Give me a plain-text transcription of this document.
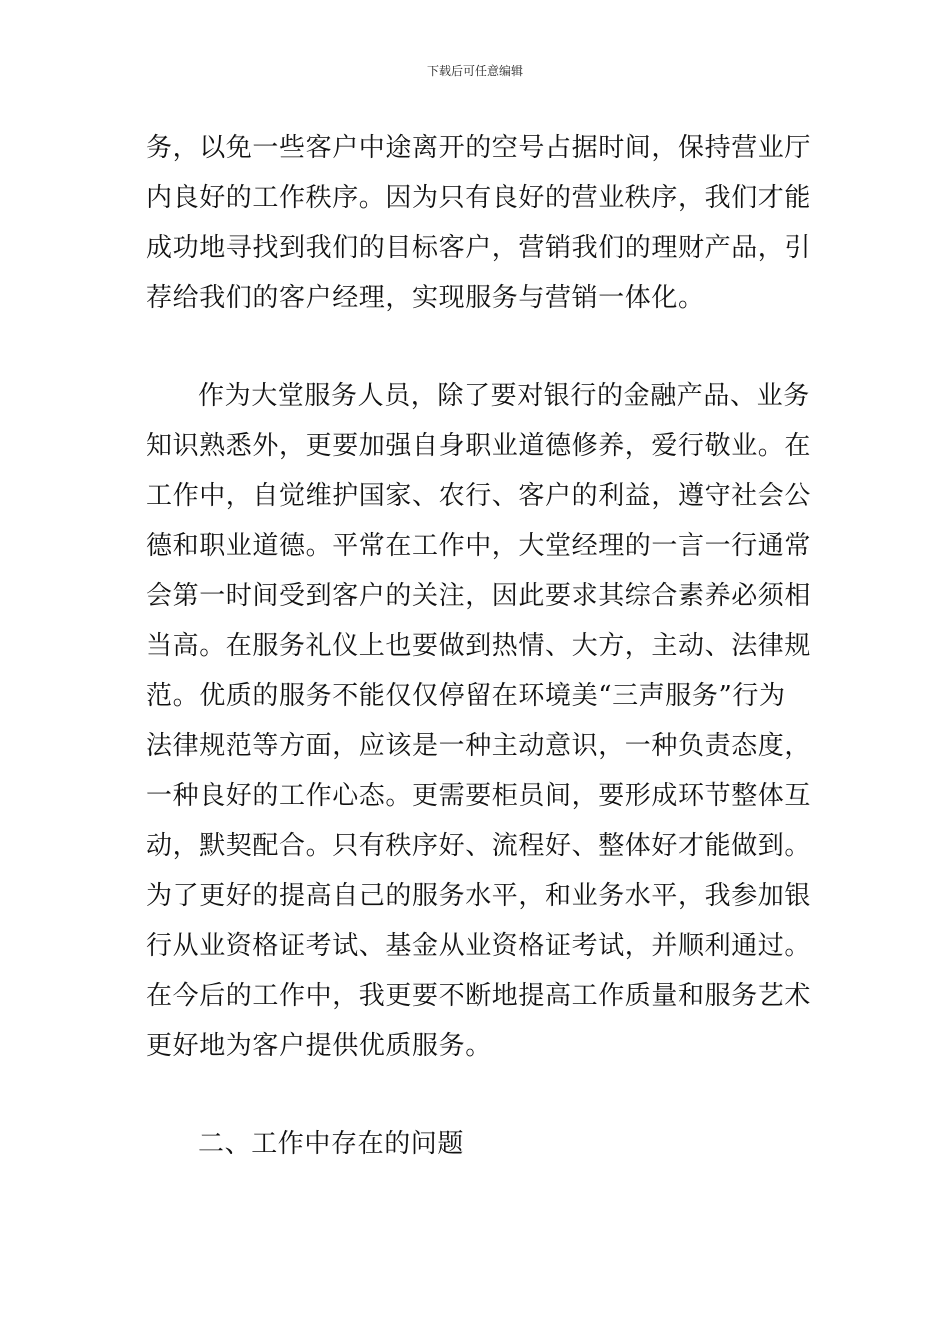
下载后可任意编辑
务，以免一些客户中途离开的空号占据时间，保持营业厅
内良好的工作秩序。因为只有良好的营业秩序，我们才能
成功地寻找到我们的目标客户，营销我们的理财产品，引
荐给我们的客户经理，实现服务与营销一体化。
作为大堂服务人员，除了要对银行的金融产品、业务
知识熟悉外，更要加强自身职业道德修养，爱行敬业。在
工作中，自觉维护国家、农行、客户的利益，遵守社会公
德和职业道德。平常在工作中，大堂经理的一言一行通常
会第一时间受到客户的关注，因此要求其综合素养必须相
当高。在服务礼仪上也要做到热情、大方，主动、法律规
范。优质的服务不能仅仅停留在环境美“三声服务”行为
法律规范等方面，应该是一种主动意识，一种负责态度，
一种良好的工作心态。更需要柜员间，要形成环节整体互
动，默契配合。只有秩序好、流程好、整体好才能做到。
为了更好的提高自己的服务水平，和业务水平，我参加银
行从业资格证考试、基金从业资格证考试，并顺利通过。
在今后的工作中，我更要不断地提高工作质量和服务艺术
更好地为客户提供优质服务。
二、工作中存在的问题
